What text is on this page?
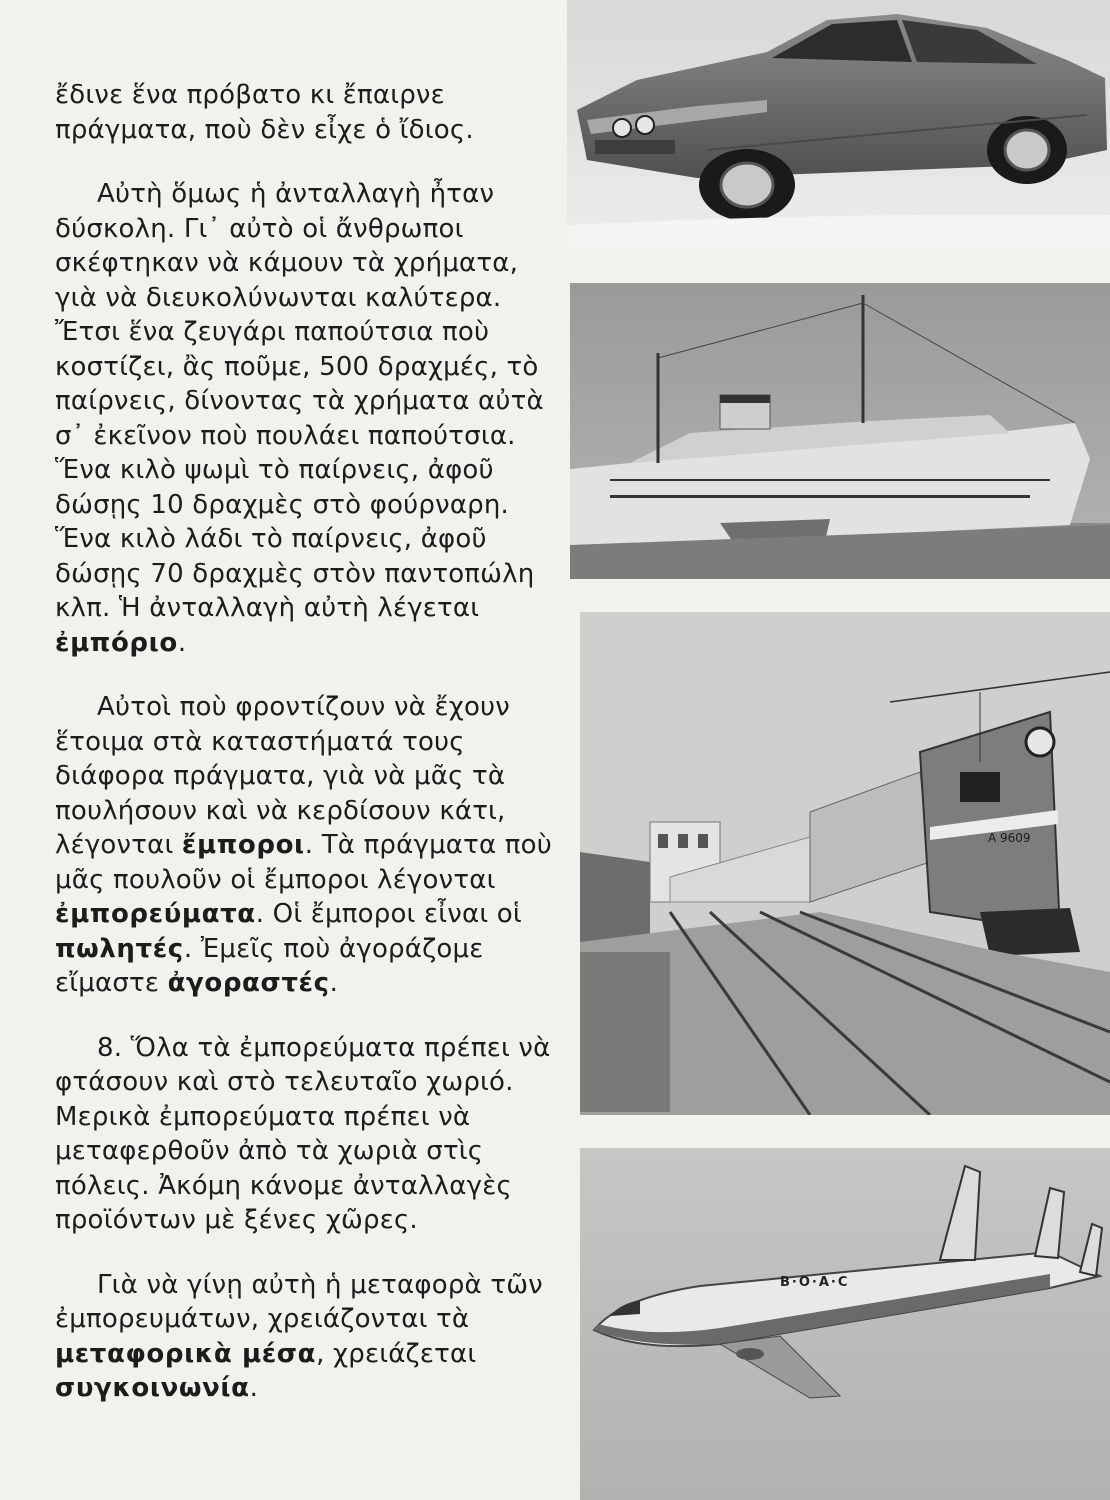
ἔδινε ἕνα πρόβατο κι ἔπαιρνε πράγματα, ποὺ δὲν εἶχε ὁ ἴδιος.

Αὐτὴ ὅμως ἡ ἀνταλλαγὴ ἦταν δύσκολη. Γι᾽ αὐτὸ οἱ ἄνθρωποι σκέφτηκαν νὰ κάμουν τὰ χρήματα, γιὰ νὰ διευκολύνωνται καλύτερα. Ἔτσι ἕνα ζευγάρι παπούτσια ποὺ κοστίζει, ἂς ποῦμε, 500 δραχμές, τὸ παίρνεις, δίνοντας τὰ χρήματα αὐτὰ σ᾽ ἐκεῖνον ποὺ πουλάει παπούτσια. Ἕνα κιλὸ ψωμὶ τὸ παίρνεις, ἀφοῦ δώσῃς 10 δραχμὲς στὸ φούρναρη. Ἕνα κιλὸ λάδι τὸ παίρνεις, ἀφοῦ δώσῃς 70 δραχμὲς στὸν παντοπώλη κλπ. Ἡ ἀνταλλαγὴ αὐτὴ λέγεται ἐμπόριο.

Αὐτοὶ ποὺ φροντίζουν νὰ ἔχουν ἕτοιμα στὰ καταστήματά τους διάφορα πράγματα, γιὰ νὰ μᾶς τὰ πουλήσουν καὶ νὰ κερδίσουν κάτι, λέγονται ἔμποροι. Τὰ πράγματα ποὺ μᾶς πουλοῦν οἱ ἔμποροι λέγονται ἐμπορεύματα. Οἱ ἔμποροι εἶναι οἱ πωλητές. Ἐμεῖς ποὺ ἀγοράζομε εἴμαστε ἀγοραστές.

8. Ὅλα τὰ ἐμπορεύματα πρέπει νὰ φτάσουν καὶ στὸ τελευταῖο χωριό. Μερικὰ ἐμπορεύματα πρέπει νὰ μεταφερθοῦν ἀπὸ τὰ χωριὰ στὶς πόλεις. Ἀκόμη κάνομε ἀνταλλαγὲς προϊόντων μὲ ξένες χῶρες.

Γιὰ νὰ γίνῃ αὐτὴ ἡ μεταφορὰ τῶν ἐμπορευμάτων, χρειάζονται τὰ μεταφορικὰ μέσα, χρειάζεται συγκοινωνία.

A 9609
B·O·A·C
